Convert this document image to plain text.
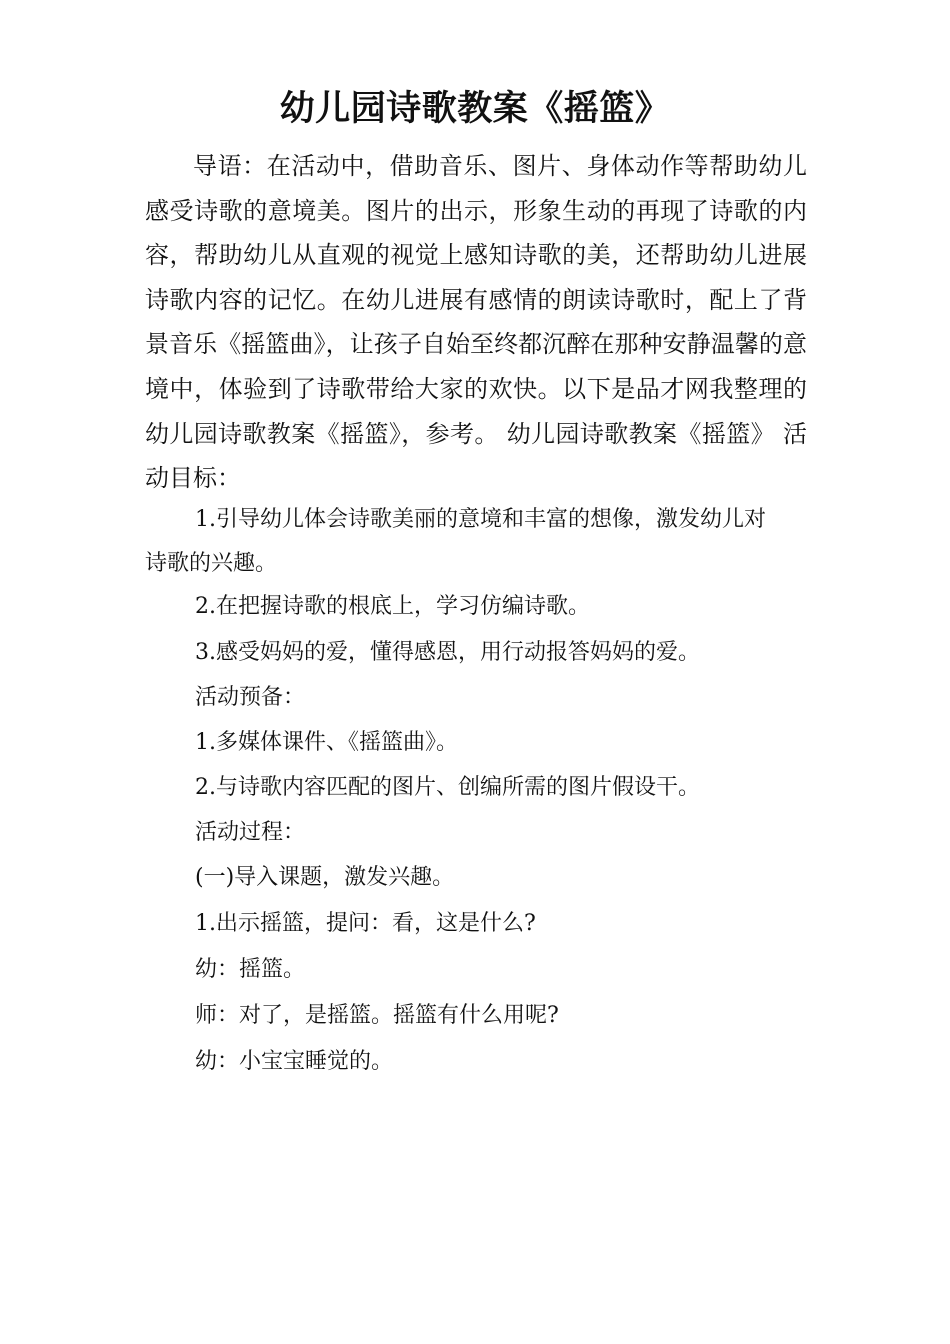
幼儿园诗歌教案《摇篮》

导语：在活动中，借助音乐、图片、身体动作等帮助幼儿感受诗歌的意境美。图片的出示，形象生动的再现了诗歌的内容，帮助幼儿从直观的视觉上感知诗歌的美，还帮助幼儿进展诗歌内容的记忆。在幼儿进展有感情的朗读诗歌时，配上了背景音乐《摇篮曲》，让孩子自始至终都沉醉在那种安静温馨的意境中，体验到了诗歌带给大家的欢快。以下是品才网我整理的幼儿园诗歌教案《摇篮》，参考。 幼儿园诗歌教案《摇篮》 活动目标：

1.引导幼儿体会诗歌美丽的意境和丰富的想像，激发幼儿对诗歌的兴趣。

2.在把握诗歌的根底上，学习仿编诗歌。

3.感受妈妈的爱，懂得感恩，用行动报答妈妈的爱。

活动预备：

1.多媒体课件、《摇篮曲》。

2.与诗歌内容匹配的图片、创编所需的图片假设干。

活动过程：

(一)导入课题，激发兴趣。

1.出示摇篮，提问：看，这是什么?

幼：摇篮。

师：对了，是摇篮。摇篮有什么用呢?

幼：小宝宝睡觉的。
